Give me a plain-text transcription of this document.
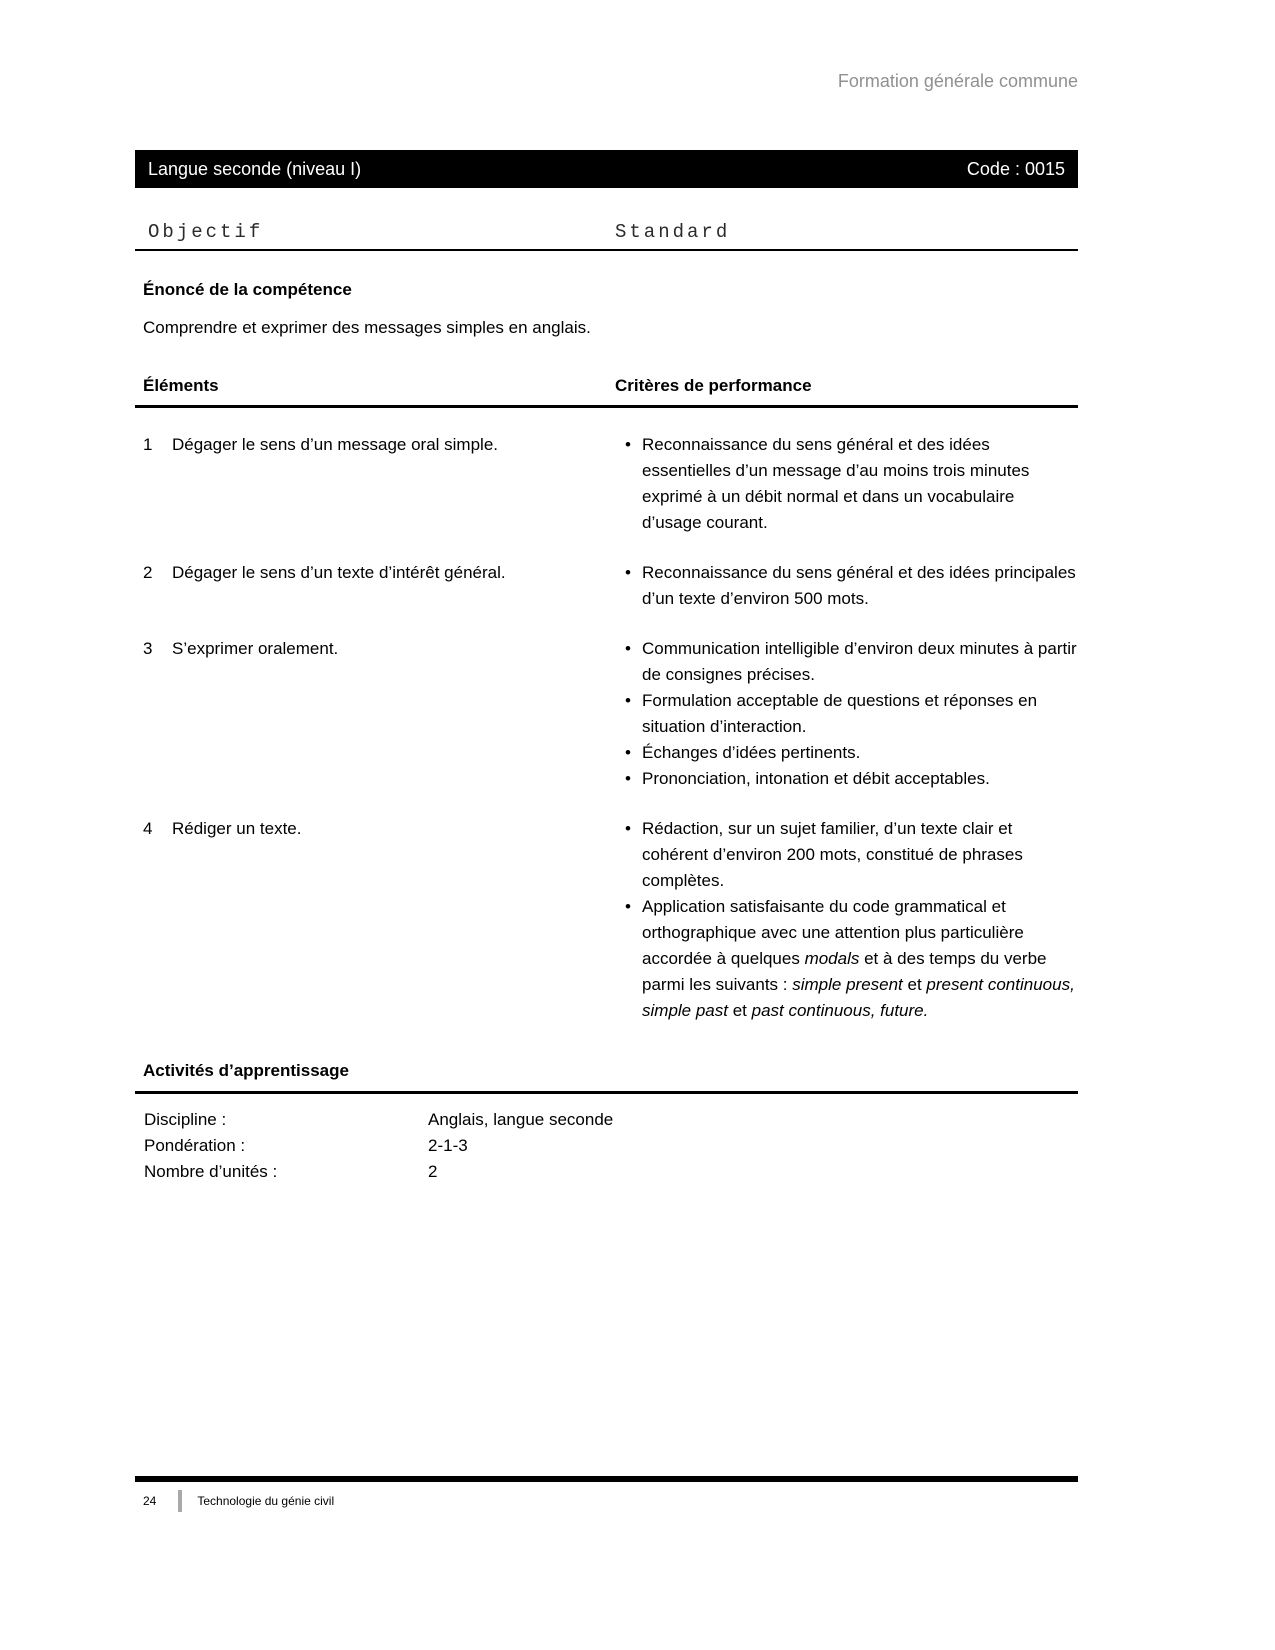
Formation générale commune
Langue seconde (niveau I)	Code : 0015
Objectif	Standard
Énoncé de la compétence
Comprendre et exprimer des messages simples en anglais.
Éléments	Critères de performance
1	Dégager le sens d’un message oral simple.	• Reconnaissance du sens général et des idées essentielles d’un message d’au moins trois minutes exprimé à un débit normal et dans un vocabulaire d’usage courant.
2	Dégager le sens d’un texte d’intérêt général.	• Reconnaissance du sens général et des idées principales d’un texte d’environ 500 mots.
3	S’exprimer oralement.	• Communication intelligible d’environ deux minutes à partir de consignes précises.
• Formulation acceptable de questions et réponses en situation d’interaction.
• Échanges d’idées pertinents.
• Prononciation, intonation et débit acceptables.
4	Rédiger un texte.	• Rédaction, sur un sujet familier, d’un texte clair et cohérent d’environ 200 mots, constitué de phrases complètes.
• Application satisfaisante du code grammatical et orthographique avec une attention plus particulière accordée à quelques modals et à des temps du verbe parmi les suivants : simple present et present continuous, simple past et past continuous, future.
Activités d’apprentissage
Discipline :	Anglais, langue seconde
Pondération :	2-1-3
Nombre d’unités :	2
24	Technologie du génie civil
